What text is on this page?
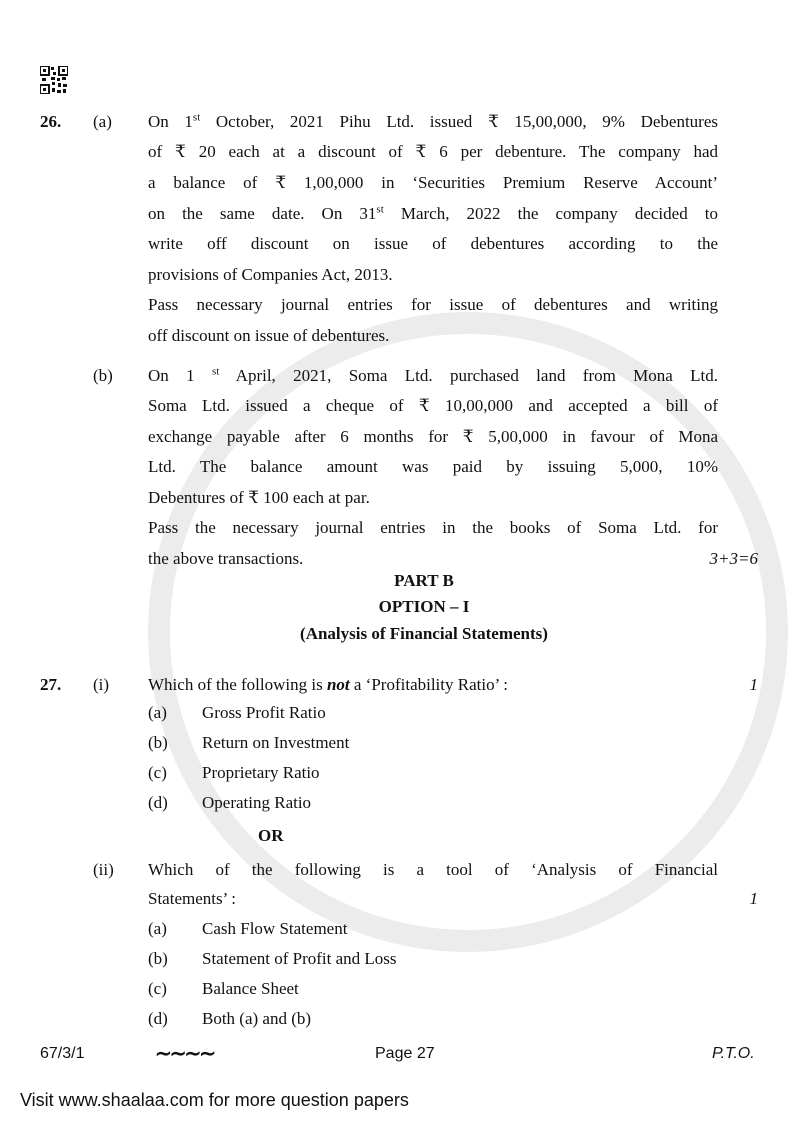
67/3/1	∼∼∼∼	Page 27	P.T.O.
Visit www.shaalaa.com for more question papers
26. (a) On 1st October, 2021 Pihu Ltd. issued ₹ 15,00,000, 9% Debentures
of ₹ 20 each at a discount of ₹ 6 per debenture. The company had
a balance of ₹ 1,00,000 in ‘Securities Premium Reserve Account’
on the same date. On 31st March, 2022 the company decided to
write off discount on issue of debentures according to the
provisions of Companies Act, 2013.
Pass necessary journal entries for issue of debentures and writing
off discount on issue of debentures.
(b) On 1 $^{st}$ April, 2021, Soma Ltd. purchased land from Mona Ltd.
Soma Ltd. issued a cheque of ₹ 10,00,000 and accepted a bill of
exchange payable after 6 months for ₹ 5,00,000 in favour of Mona
Ltd. The balance amount was paid by issuing 5,000, 10%
Debentures of ₹ 100 each at par.
Pass the necessary journal entries in the books of Soma Ltd. for
the above transactions.	3+3=6
PART B
OPTION – I
(Analysis of Financial Statements)
27. (i) Which of the following is not a ‘Profitability Ratio’ :	1
(a) Gross Profit Ratio
(b) Return on Investment
(c) Proprietary Ratio
(d) Operating Ratio
OR
(ii) Which of the following is a tool of ‘Analysis of Financial
Statements’ :	1
(a) Cash Flow Statement
(b) Statement of Profit and Loss
(c) Balance Sheet
(d) Both (a) and (b)
